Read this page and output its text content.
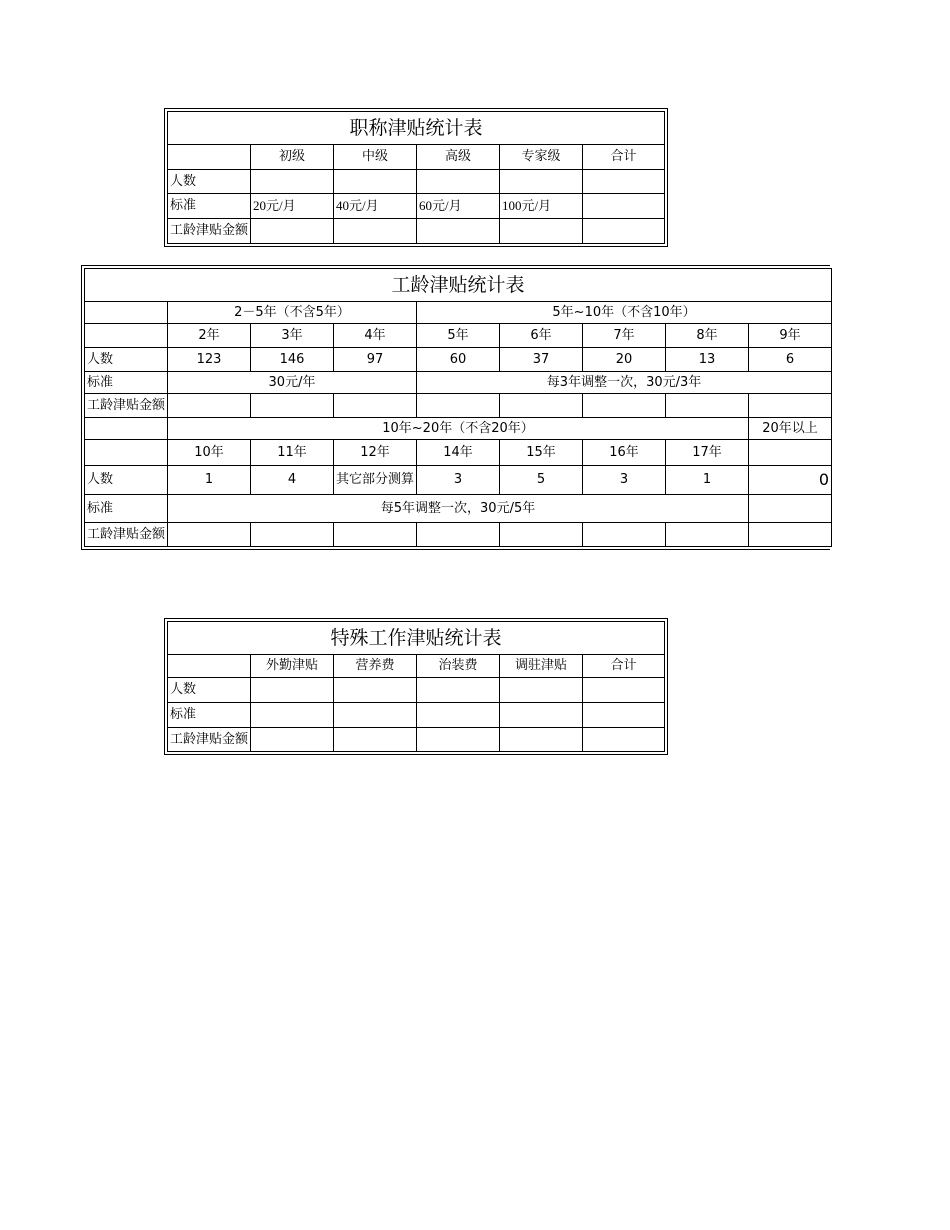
职称津贴统计表					
	初级	中级	高级	专家级	合计
人数					
标准	20元/月	40元/月	60元/月	100元/月	
工龄津贴金额					
工龄津贴统计表								
	2－5年（不含5年）			5年~10年（不含10年）				
	2年	3年	4年	5年	6年	7年	8年	9年
人数	123	146	97	60	37	20	13	6
标准	30元/年			每3年调整一次，30元/3年				
工龄津贴金额								
	10年~20年（不含20年）							20年以上
	10年	11年	12年	14年	15年	16年	17年	
人数	1	4	其它部分测算	3	5	3	1	0
标准	每5年调整一次，30元/5年							
工龄津贴金额								
特殊工作津贴统计表					
	外勤津贴	营养费	治装费	调驻津贴	合计
人数					
标准					
工龄津贴金额					
